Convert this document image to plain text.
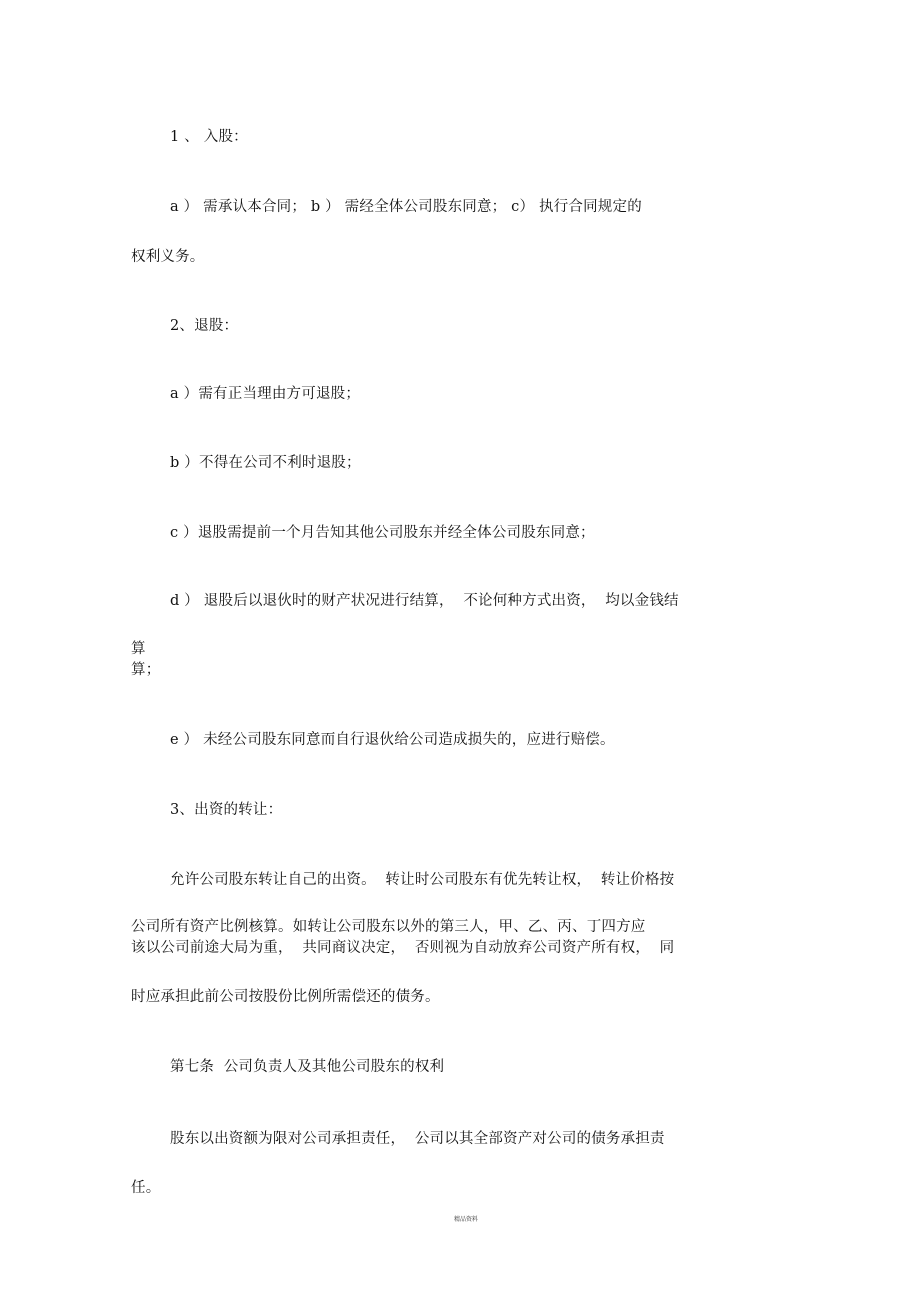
1 、 入股：
a ） 需承认本合同； b ） 需经全体公司股东同意； c） 执行合同规定的
权利义务。
2、退股：
a ）需有正当理由方可退股；
b ）不得在公司不利时退股；
c ）退股需提前一个月告知其他公司股东并经全体公司股东同意；
d ） 退股后以退伙时的财产状况进行结算，  不论何种方式出资，  均以金钱结
算
算；
e ） 未经公司股东同意而自行退伙给公司造成损失的，应进行赔偿。
3、出资的转让：
允许公司股东转让自己的出资。  转让时公司股东有优先转让权，  转让价格按
公司所有资产比例核算。如转让公司股东以外的第三人，甲、乙、丙、丁四方应
该以公司前途大局为重，  共同商议决定，  否则视为自动放弃公司资产所有权，  同
时应承担此前公司按股份比例所需偿还的债务。
第七条  公司负责人及其他公司股东的权利
股东以出资额为限对公司承担责任，  公司以其全部资产对公司的债务承担责
任。
精品资料
